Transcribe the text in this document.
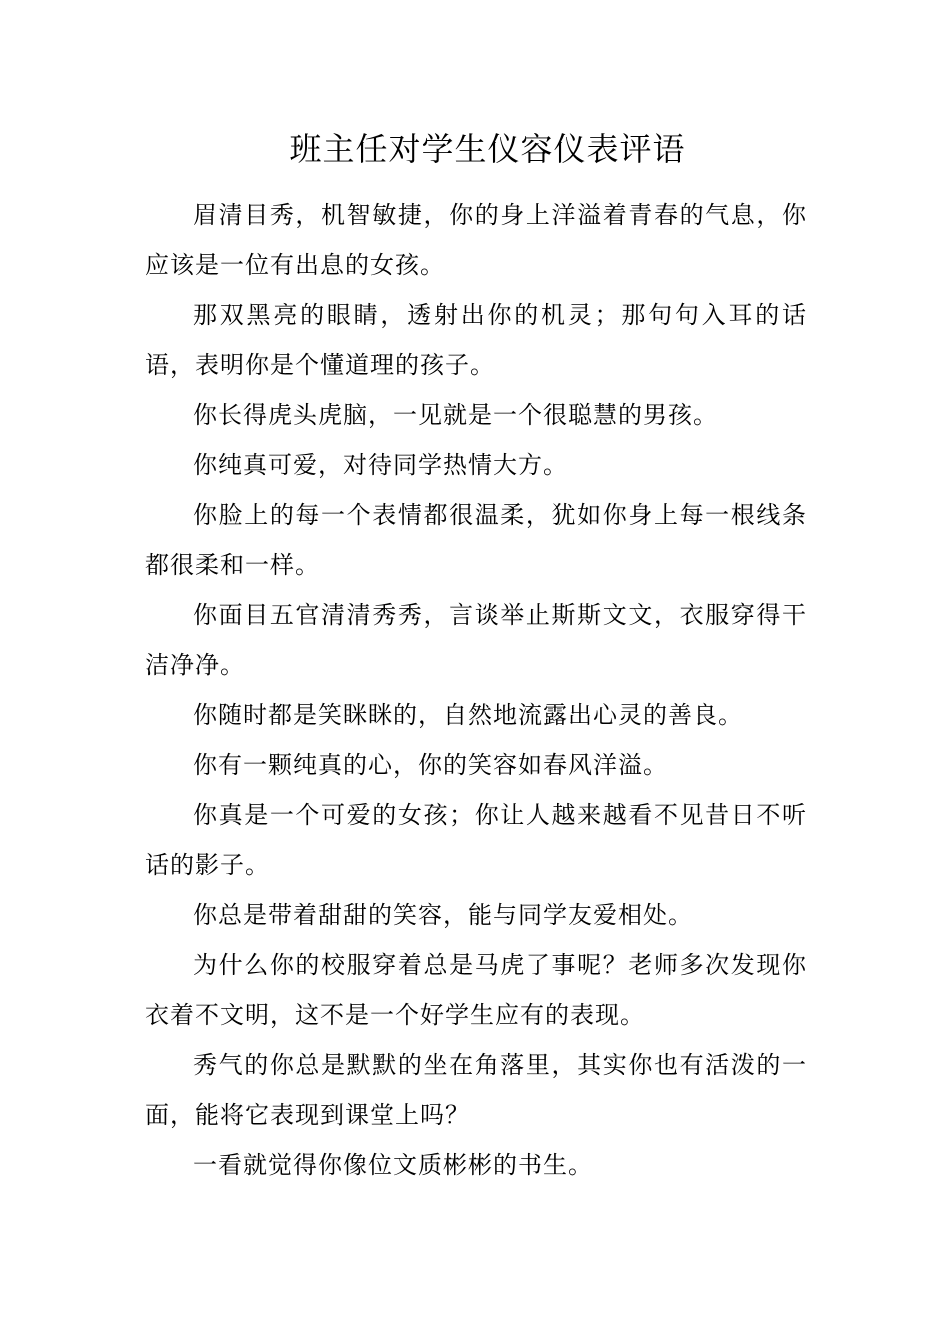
班主任对学生仪容仪表评语

眉清目秀，机智敏捷，你的身上洋溢着青春的气息，你应该是一位有出息的女孩。

那双黑亮的眼睛，透射出你的机灵；那句句入耳的话语，表明你是个懂道理的孩子。

你长得虎头虎脑，一见就是一个很聪慧的男孩。

你纯真可爱，对待同学热情大方。

你脸上的每一个表情都很温柔，犹如你身上每一根线条都很柔和一样。

你面目五官清清秀秀，言谈举止斯斯文文，衣服穿得干洁净净。

你随时都是笑眯眯的，自然地流露出心灵的善良。

你有一颗纯真的心，你的笑容如春风洋溢。

你真是一个可爱的女孩；你让人越来越看不见昔日不听话的影子。

你总是带着甜甜的笑容，能与同学友爱相处。

为什么你的校服穿着总是马虎了事呢？老师多次发现你衣着不文明，这不是一个好学生应有的表现。

秀气的你总是默默的坐在角落里，其实你也有活泼的一面，能将它表现到课堂上吗？

一看就觉得你像位文质彬彬的书生。
